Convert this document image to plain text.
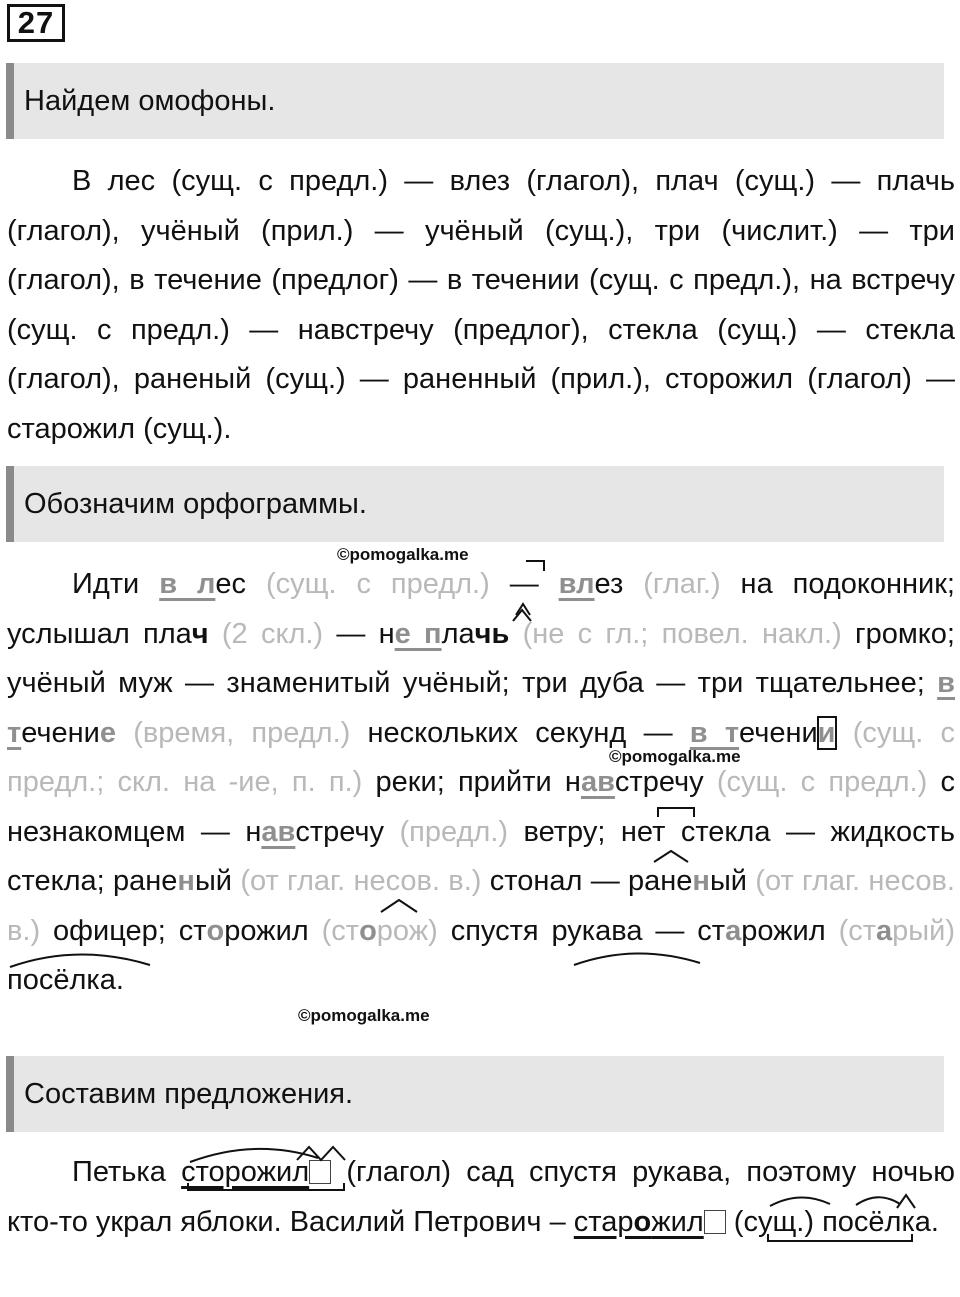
27
Найдем омофоны.

В лес (сущ. с предл.) — влез (глагол), плач (сущ.) — плачь (глагол), учёный (прил.) — учёный (сущ.), три (числит.) — три (глагол), в течение (предлог) — в течении (сущ. с предл.), на встречу (сущ. с предл.) — навстречу (предлог), стекла (сущ.) — стекла (глагол), раненый (сущ.) — раненный (прил.), сторожил (глагол) — старожил (сущ.).

Обозначим орфограммы.

Идти в лес (сущ. с предл.) — влез (глаг.) на подоконник; услышал плач (2 скл.) — не плачь (не с гл.; повел. накл.) громко; учёный муж — знаменитый учёный; три дуба — три тщательнее; в течение (время, предл.) нескольких секунд — в течении (сущ. с предл.; скл. на -ие, п. п.) реки; прийти навстречу (сущ. с предл.) с незнакомцем — навстречу (предл.) ветру; нет стекла — жидкость стекла; раненый (от глаг. несов. в.) стонал — раненый (от глаг. несов. в.) офицер; сторожил (сторож) спустя рукава — старожил (старый) посёлка.

Составим предложения.

Петька сторожил (глагол) сад спустя рукава, поэтому ночью кто-то украл яблоки. Василий Петрович – старожил (сущ.) посёлка.

©pomogalka.me
©pomogalka.me
©pomogalka.me
